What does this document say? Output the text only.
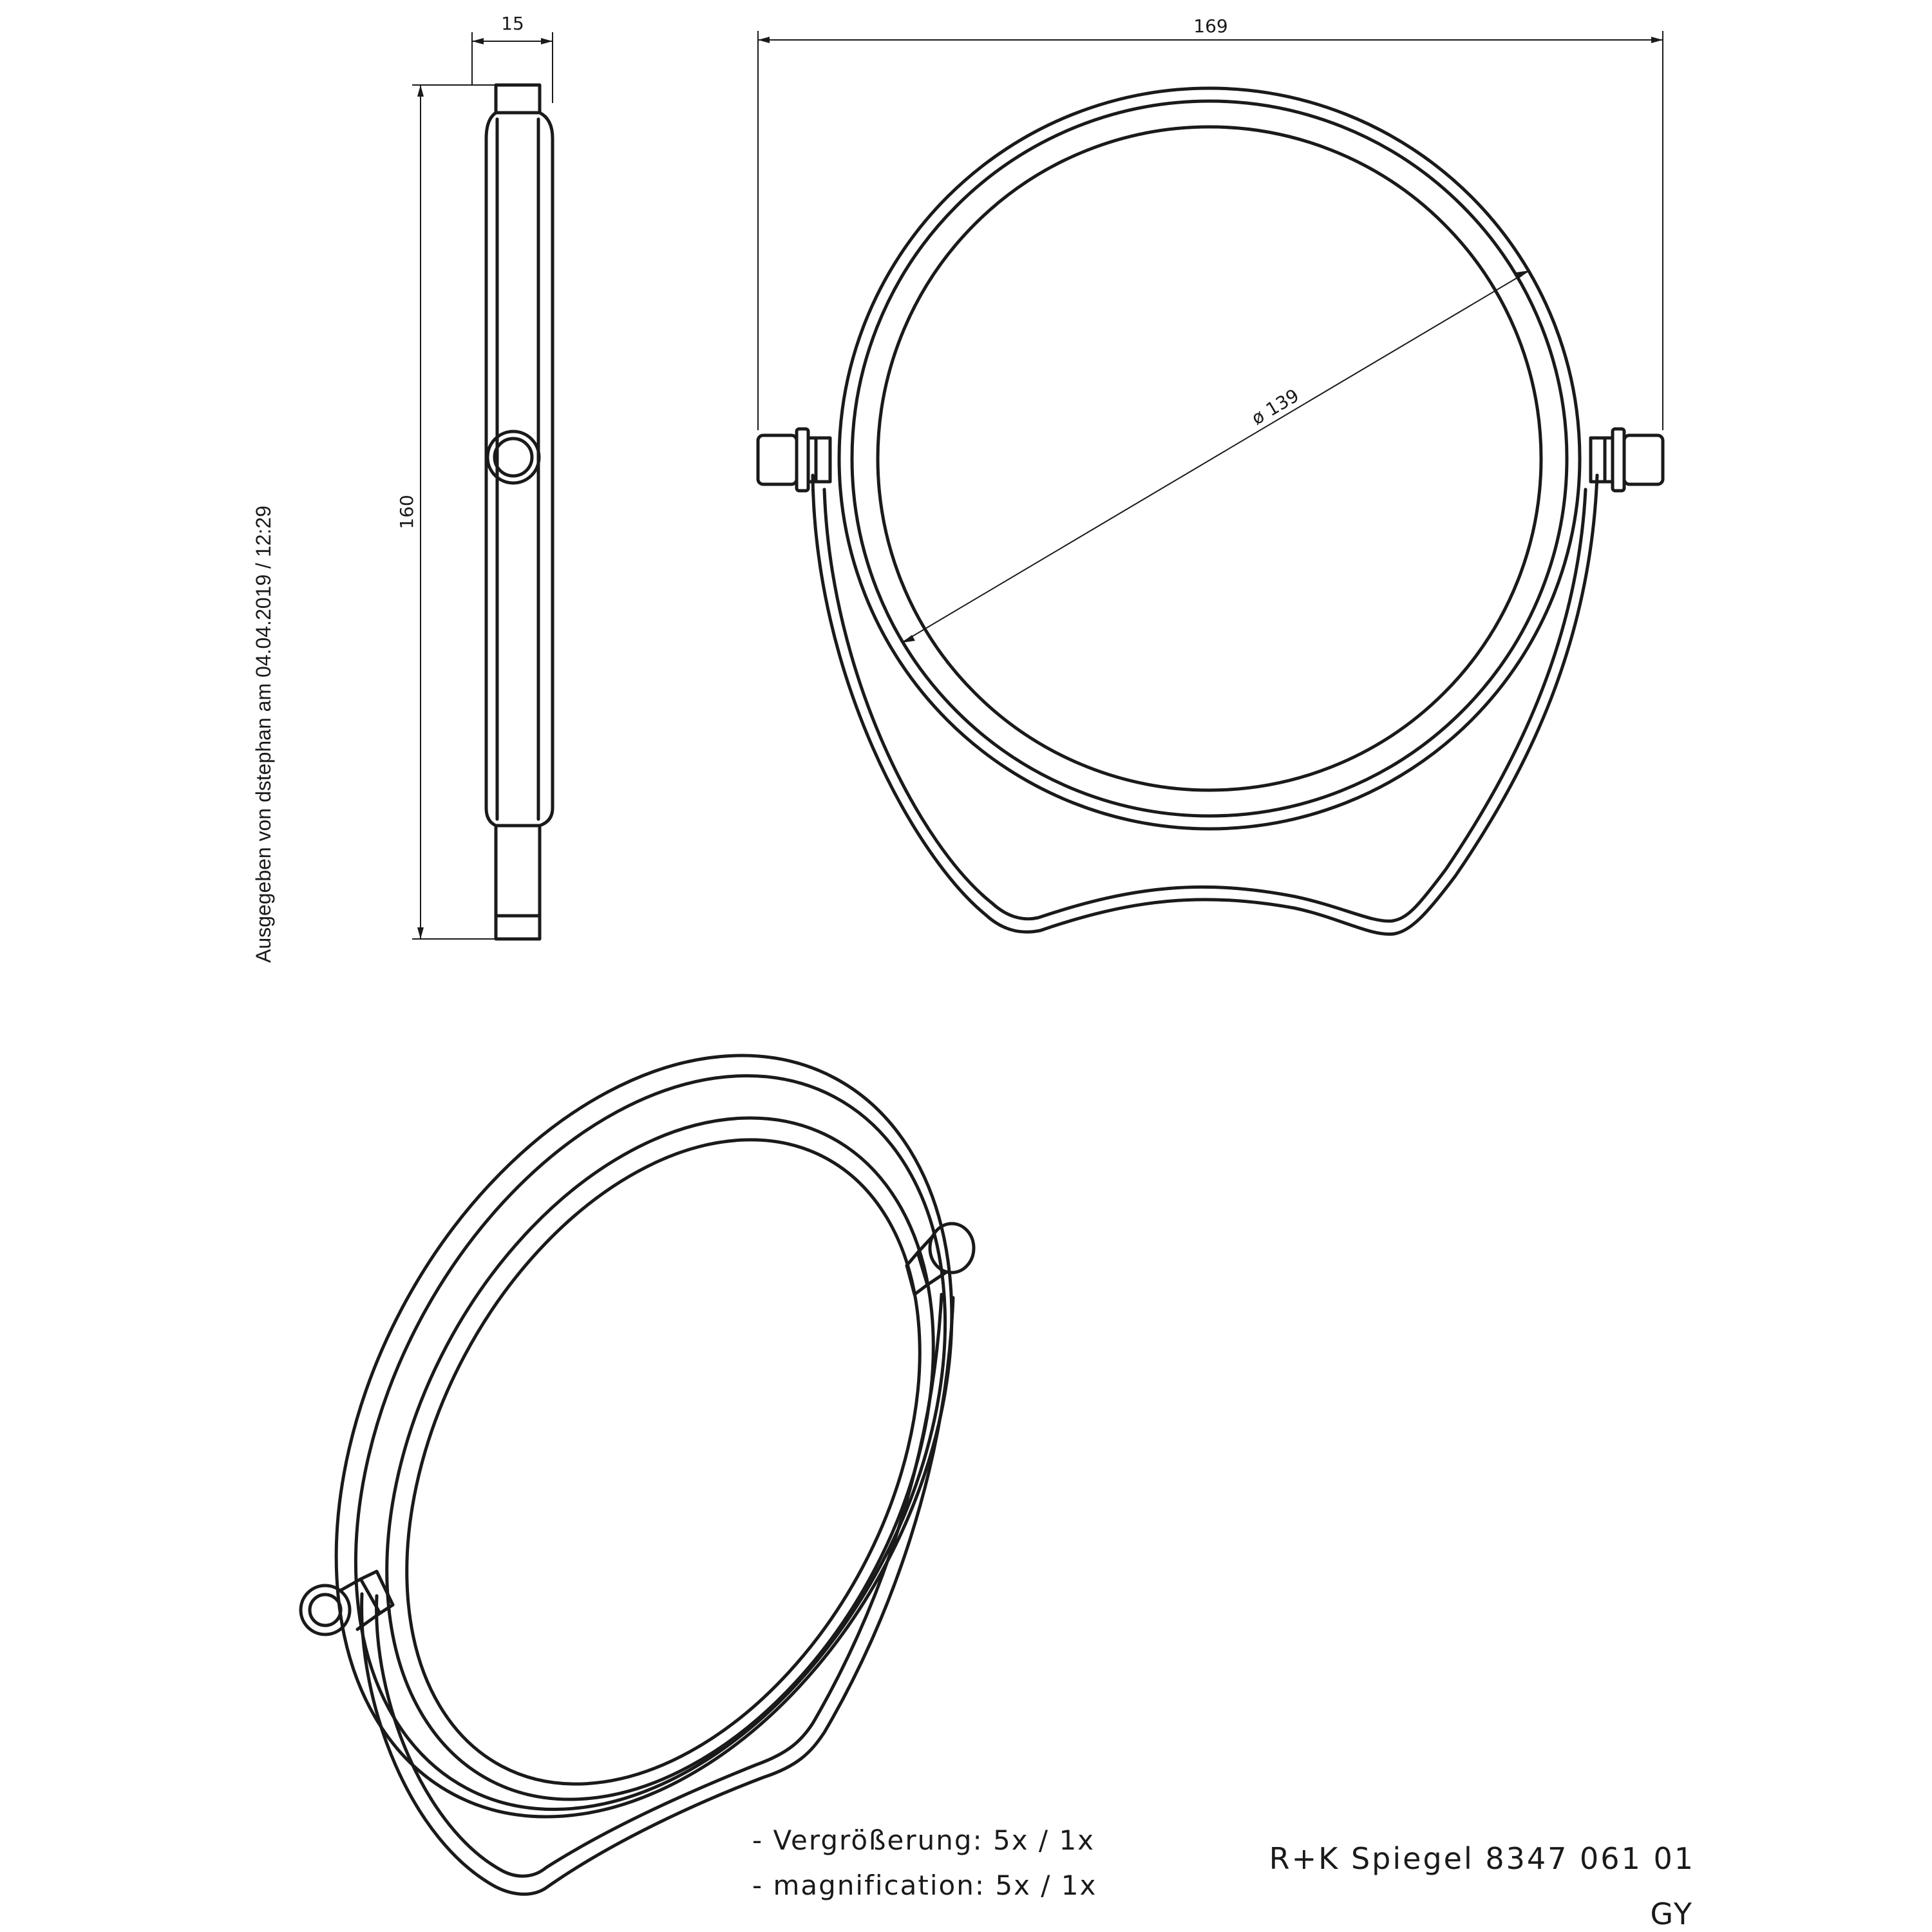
Ausgegeben von dstephan am 04.04.2019 / 12:29
15
160
169
ø 139
- Vergrößerung: 5x / 1x
- magnification: 5x / 1x
R+K Spiegel 8347 061 01
GY
